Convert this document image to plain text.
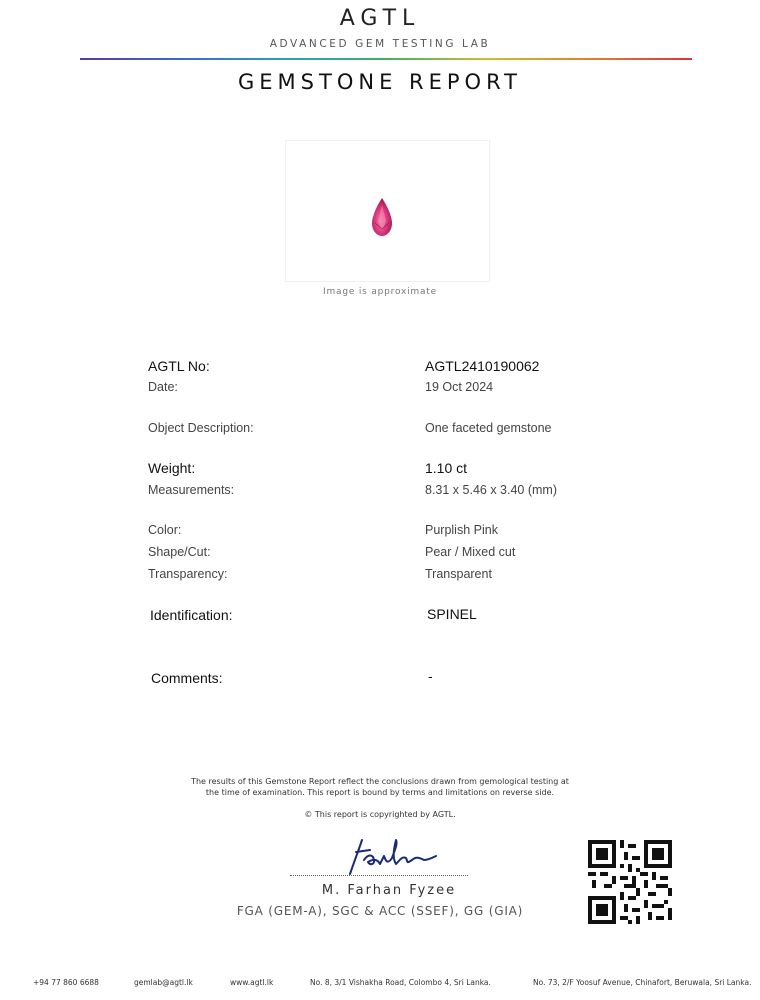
AGTL
ADVANCED GEM TESTING LAB
GEMSTONE REPORT
Image is approximate
AGTL No:	AGTL2410190062
Date:	19 Oct 2024
Object Description:	One faceted gemstone
Weight:	1.10 ct
Measurements:	8.31 x 5.46 x 3.40 (mm)
Color:	Purplish Pink
Shape/Cut:	Pear / Mixed cut
Transparency:	Transparent
Identification:	SPINEL
Comments:	-
The results of this Gemstone Report reflect the conclusions drawn from gemological testing at
the time of examination. This report is bound by terms and limitations on reverse side.
© This report is copyrighted by AGTL.
M. Farhan Fyzee
FGA (GEM-A), SGC & ACC (SSEF), GG (GIA)
+94 77 860 6688	gemlab@agtl.lk	www.agtl.lk	No. 8, 3/1 Vishakha Road, Colombo 4, Sri Lanka.	No. 73, 2/F Yoosuf Avenue, Chinafort, Beruwala, Sri Lanka.
